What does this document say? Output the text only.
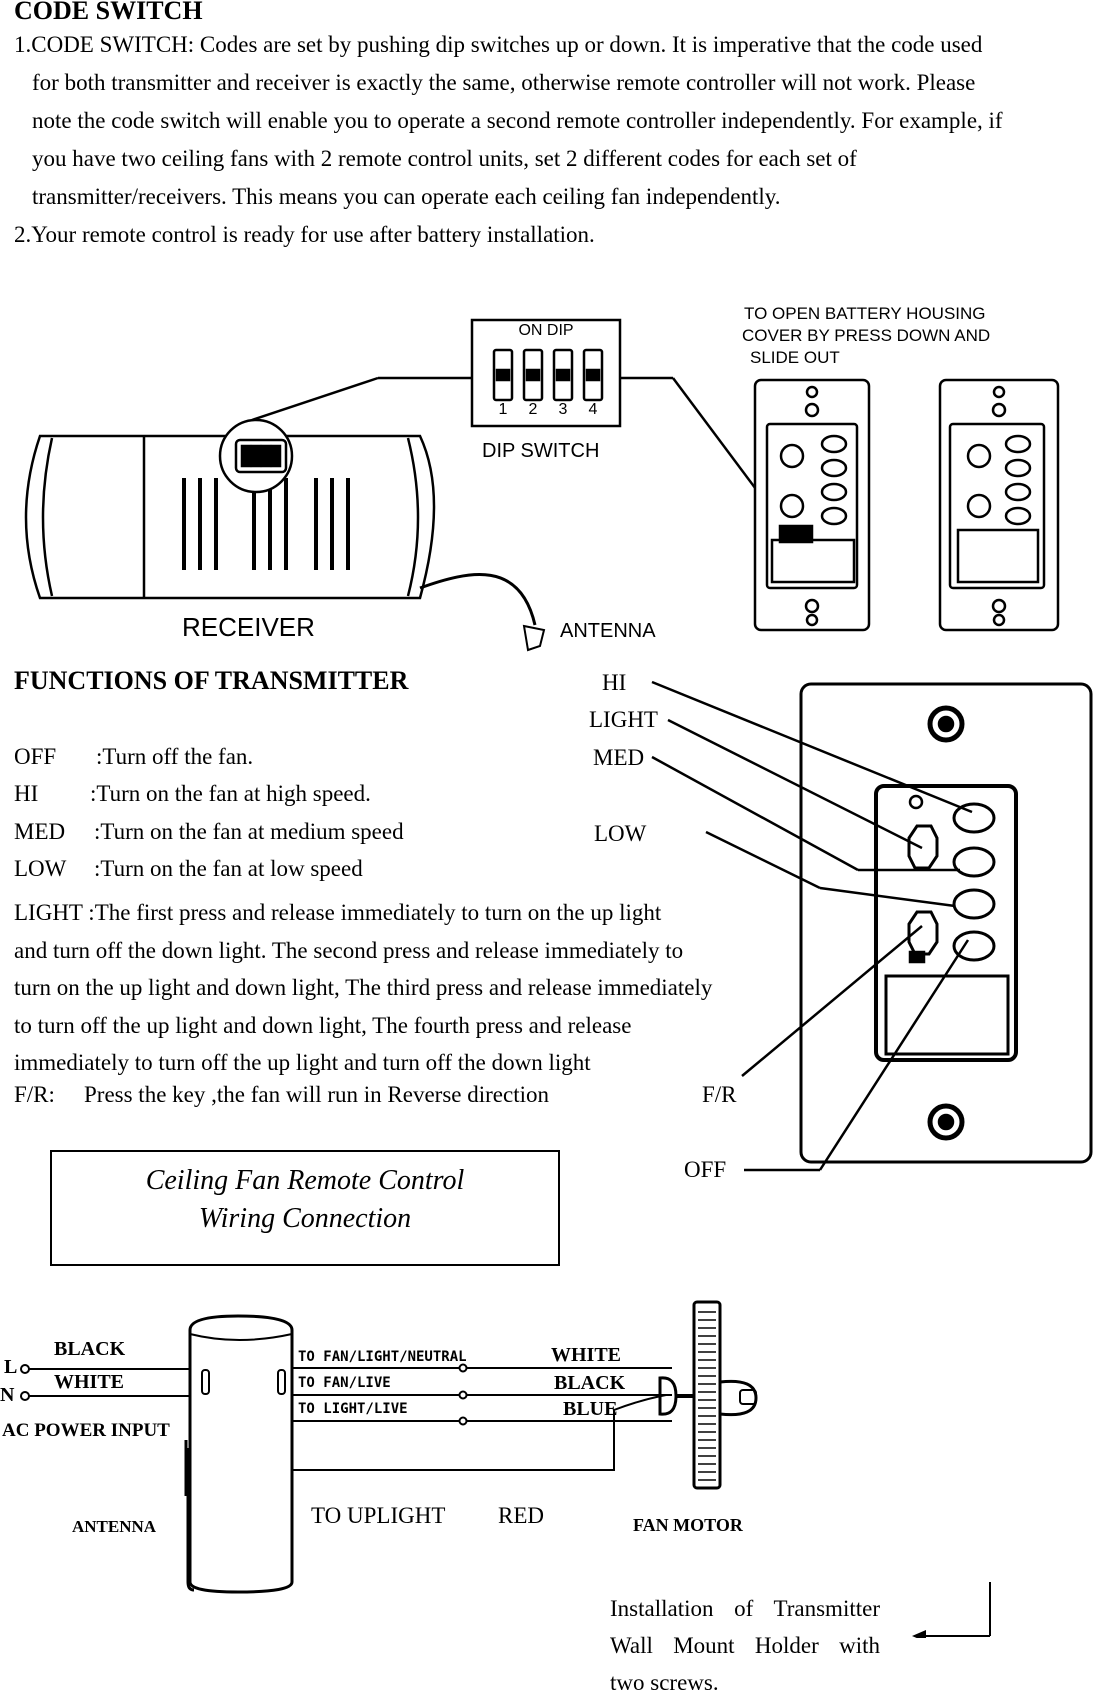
CODE SWITCH
1.CODE SWITCH: Codes are set by pushing dip switches up or down. It is imperative that the code used
for both transmitter and receiver is exactly the same, otherwise remote controller will not work. Please
note the code switch will enable you to operate a second remote controller independently. For example, if
you have two ceiling fans with 2 remote control units, set 2 different codes for each set of
transmitter/receivers. This means you can operate each ceiling fan independently.
2.Your remote control is ready for use after battery installation.
ON DIP
1 2 3 4
DIP SWITCH
TO OPEN BATTERY HOUSING
COVER BY PRESS DOWN AND
SLIDE OUT
RECEIVER	ANTENNA
FUNCTIONS OF TRANSMITTER
OFF :Turn off the fan.
HI :Turn on the fan at high speed.
MED :Turn on the fan at medium speed
LOW :Turn on the fan at low speed
LIGHT :The first press and release immediately to turn on the up light
and turn off the down light. The second press and release immediately to
turn on the up light and down light, The third press and release immediately
to turn off the up light and down light, The fourth press and release
immediately to turn off the up light and turn off the down light
F/R: Press the key ,the fan will run in Reverse direction
HI
LIGHT
MED
LOW
F/R
OFF
Ceiling Fan Remote Control
Wiring Connection
L
N
BLACK
WHITE
AC POWER INPUT
ANTENNA
TO FAN/LIGHT/NEUTRAL
TO FAN/LIVE
TO LIGHT/LIVE
WHITE
BLACK
BLUE
TO UPLIGHT RED	FAN MOTOR
Installation of Transmitter
Wall Mount Holder with
two screws.
